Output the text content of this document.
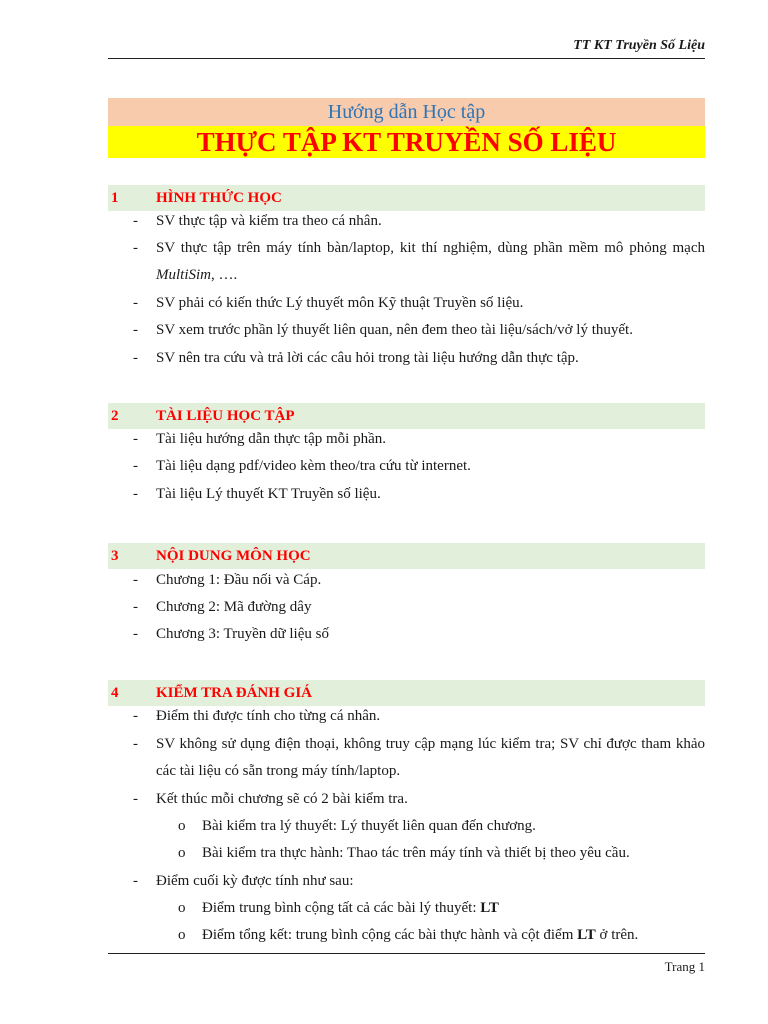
TT KT Truyền Số Liệu
Hướng dẫn Học tập
THỰC TẬP KT TRUYỀN SỐ LIỆU
1	HÌNH THỨC HỌC
- SV thực tập và kiểm tra theo cá nhân.
- SV thực tập trên máy tính bàn/laptop, kit thí nghiệm, dùng phần mềm mô phỏng mạch MultiSim, ….
- SV phải có kiến thức Lý thuyết môn Kỹ thuật Truyền số liệu.
- SV xem trước phần lý thuyết liên quan, nên đem theo tài liệu/sách/vở lý thuyết.
- SV nên tra cứu và trả lời các câu hỏi trong tài liệu hướng dẫn thực tập.
2	TÀI LIỆU HỌC TẬP
- Tài liệu hướng dẫn thực tập mỗi phần.
- Tài liệu dạng pdf/video kèm theo/tra cứu từ internet.
- Tài liệu Lý thuyết KT Truyền số liệu.
3	NỘI DUNG MÔN HỌC
- Chương 1: Đầu nối và Cáp.
- Chương 2: Mã đường dây
- Chương 3: Truyền dữ liệu số
4	KIỂM TRA ĐÁNH GIÁ
- Điểm thi được tính cho từng cá nhân.
- SV không sử dụng điện thoại, không truy cập mạng lúc kiểm tra; SV chỉ được tham khảo các tài liệu có sẵn trong máy tính/laptop.
- Kết thúc mỗi chương sẽ có 2 bài kiểm tra.
o Bài kiểm tra lý thuyết: Lý thuyết liên quan đến chương.
o Bài kiểm tra thực hành: Thao tác trên máy tính và thiết bị theo yêu cầu.
- Điểm cuối kỳ được tính như sau:
o Điểm trung bình cộng tất cả các bài lý thuyết: LT
o Điểm tổng kết: trung bình cộng các bài thực hành và cột điểm LT ở trên.
Trang 1
